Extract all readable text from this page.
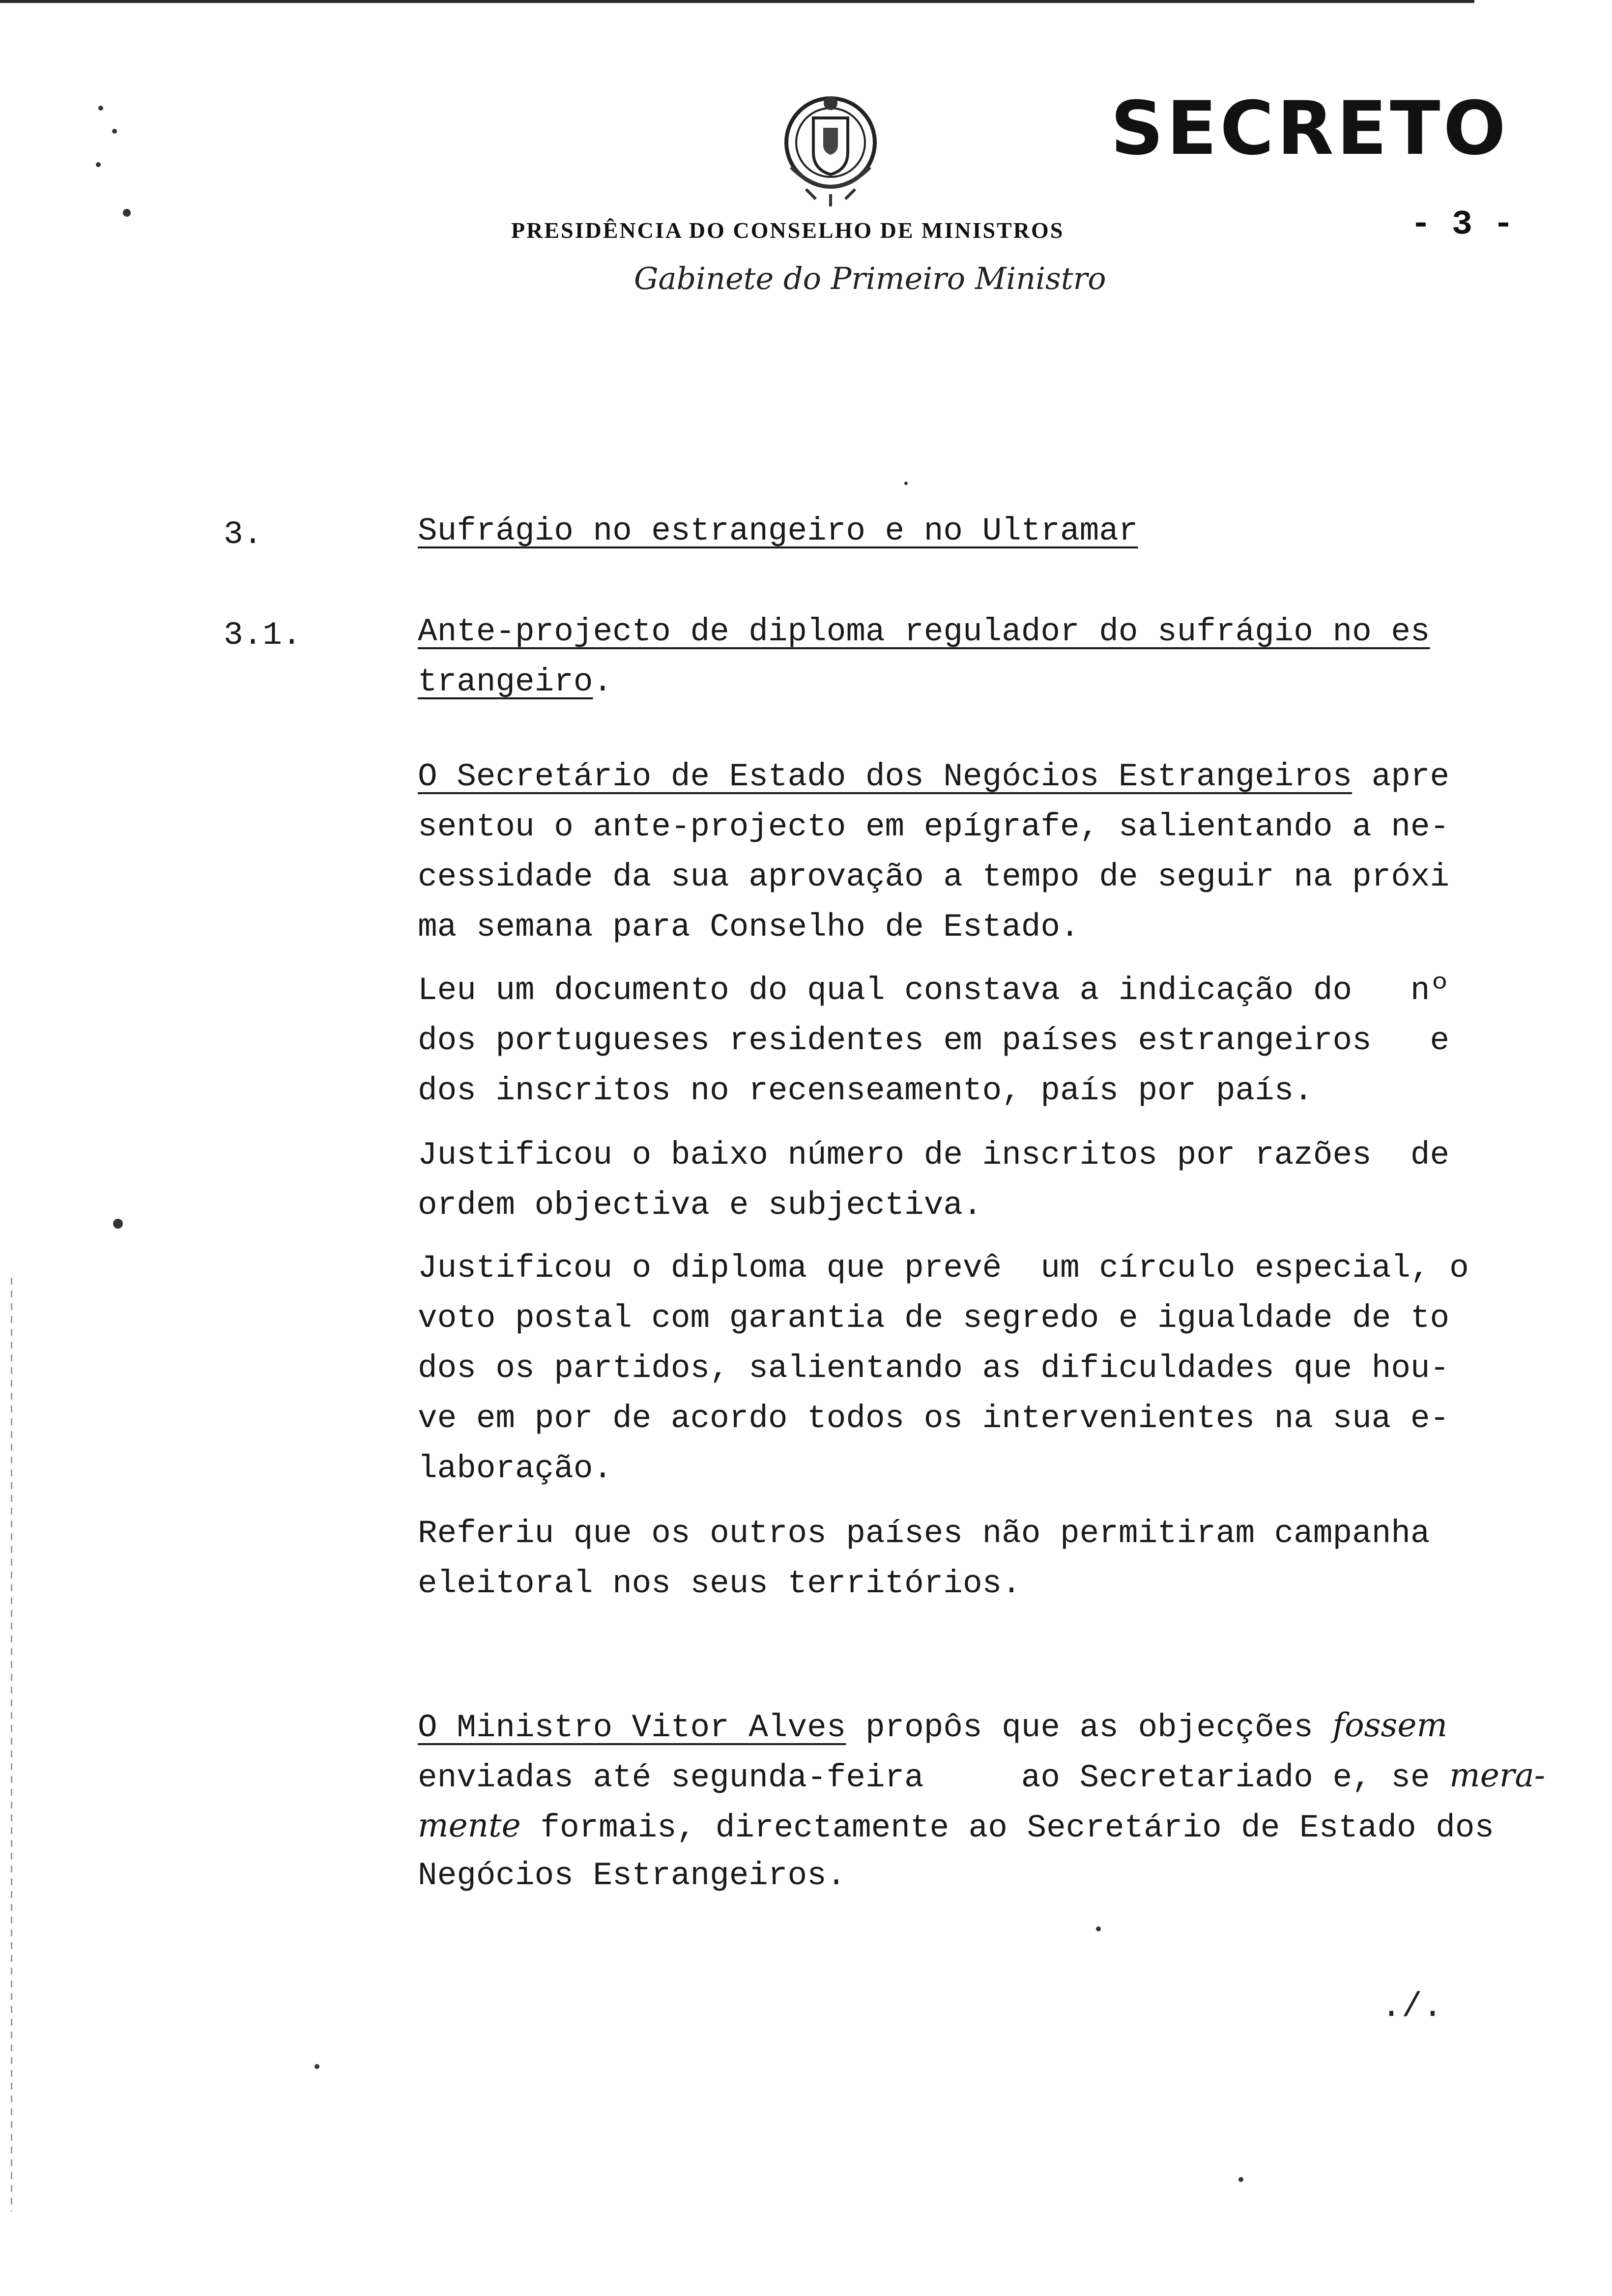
SECRETO
- 3 -
PRESIDÊNCIA DO CONSELHO DE MINISTROS
Gabinete do Primeiro Ministro
3.	Sufrágio no estrangeiro e no Ultramar
3.1.	Ante-projecto de diploma regulador do sufrágio no es
trangeiro.
O Secretário de Estado dos Negócios Estrangeiros apre
sentou o ante-projecto em epígrafe, salientando a ne-
cessidade da sua aprovação a tempo de seguir na próxi
ma semana para Conselho de Estado.
Leu um documento do qual constava a indicação do   nº
dos portugueses residentes em países estrangeiros   e
dos inscritos no recenseamento, país por país.
Justificou o baixo número de inscritos por razões  de
ordem objectiva e subjectiva.
Justificou o diploma que prevê  um círculo especial, o
voto postal com garantia de segredo e igualdade de to
dos os partidos, salientando as dificuldades que hou-
ve em por de acordo todos os intervenientes na sua e-
laboração.
Referiu que os outros países não permitiram campanha
eleitoral nos seus territórios.
O Ministro Vitor Alves propôs que as objecções fossem
enviadas até segunda-feira     ao Secretariado e, se mera-
mente formais, directamente ao Secretário de Estado dos
Negócios Estrangeiros.
./.
